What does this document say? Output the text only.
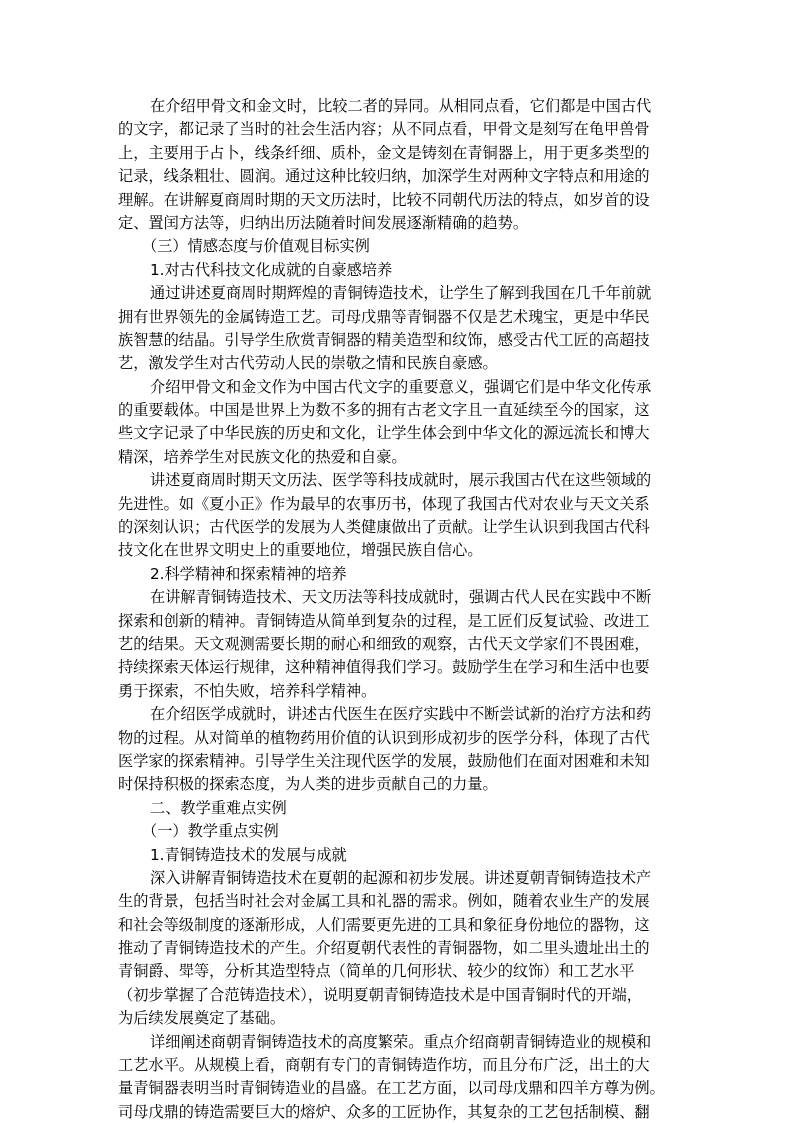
在介绍甲骨文和金文时，比较二者的异同。从相同点看，它们都是中国古代
的文字，都记录了当时的社会生活内容；从不同点看，甲骨文是刻写在龟甲兽骨
上，主要用于占卜，线条纤细、质朴，金文是铸刻在青铜器上，用于更多类型的
记录，线条粗壮、圆润。通过这种比较归纳，加深学生对两种文字特点和用途的
理解。在讲解夏商周时期的天文历法时，比较不同朝代历法的特点，如岁首的设
定、置闰方法等，归纳出历法随着时间发展逐渐精确的趋势。
（三）情感态度与价值观目标实例
1.对古代科技文化成就的自豪感培养
通过讲述夏商周时期辉煌的青铜铸造技术，让学生了解到我国在几千年前就
拥有世界领先的金属铸造工艺。司母戊鼎等青铜器不仅是艺术瑰宝，更是中华民
族智慧的结晶。引导学生欣赏青铜器的精美造型和纹饰，感受古代工匠的高超技
艺，激发学生对古代劳动人民的崇敬之情和民族自豪感。
介绍甲骨文和金文作为中国古代文字的重要意义，强调它们是中华文化传承
的重要载体。中国是世界上为数不多的拥有古老文字且一直延续至今的国家，这
些文字记录了中华民族的历史和文化，让学生体会到中华文化的源远流长和博大
精深，培养学生对民族文化的热爱和自豪。
讲述夏商周时期天文历法、医学等科技成就时，展示我国古代在这些领域的
先进性。如《夏小正》作为最早的农事历书，体现了我国古代对农业与天文关系
的深刻认识；古代医学的发展为人类健康做出了贡献。让学生认识到我国古代科
技文化在世界文明史上的重要地位，增强民族自信心。
2.科学精神和探索精神的培养
在讲解青铜铸造技术、天文历法等科技成就时，强调古代人民在实践中不断
探索和创新的精神。青铜铸造从简单到复杂的过程，是工匠们反复试验、改进工
艺的结果。天文观测需要长期的耐心和细致的观察，古代天文学家们不畏困难，
持续探索天体运行规律，这种精神值得我们学习。鼓励学生在学习和生活中也要
勇于探索，不怕失败，培养科学精神。
在介绍医学成就时，讲述古代医生在医疗实践中不断尝试新的治疗方法和药
物的过程。从对简单的植物药用价值的认识到形成初步的医学分科，体现了古代
医学家的探索精神。引导学生关注现代医学的发展，鼓励他们在面对困难和未知
时保持积极的探索态度，为人类的进步贡献自己的力量。
二、教学重难点实例
（一）教学重点实例
1.青铜铸造技术的发展与成就
深入讲解青铜铸造技术在夏朝的起源和初步发展。讲述夏朝青铜铸造技术产
生的背景，包括当时社会对金属工具和礼器的需求。例如，随着农业生产的发展
和社会等级制度的逐渐形成，人们需要更先进的工具和象征身份地位的器物，这
推动了青铜铸造技术的产生。介绍夏朝代表性的青铜器物，如二里头遗址出土的
青铜爵、斝等，分析其造型特点（简单的几何形状、较少的纹饰）和工艺水平
（初步掌握了合范铸造技术），说明夏朝青铜铸造技术是中国青铜时代的开端，
为后续发展奠定了基础。
详细阐述商朝青铜铸造技术的高度繁荣。重点介绍商朝青铜铸造业的规模和
工艺水平。从规模上看，商朝有专门的青铜铸造作坊，而且分布广泛，出土的大
量青铜器表明当时青铜铸造业的昌盛。在工艺方面，以司母戊鼎和四羊方尊为例。
司母戊鼎的铸造需要巨大的熔炉、众多的工匠协作，其复杂的工艺包括制模、翻
